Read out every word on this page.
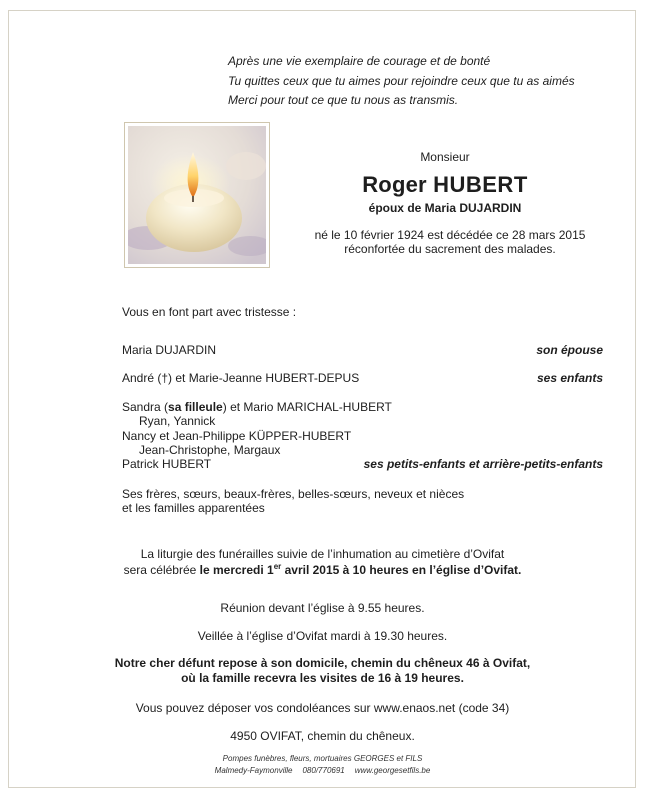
Après une vie exemplaire de courage et de bonté
Tu quittes ceux que tu aimes pour rejoindre ceux que tu as aimés
Merci pour tout ce que tu nous as transmis.
Monsieur
Roger HUBERT
époux de Maria DUJARDIN
né le 10 février 1924 est décédée ce 28 mars 2015
réconfortée du sacrement des malades.
Vous en font part avec tristesse :
Maria DUJARDIN	son épouse
André (†) et Marie-Jeanne HUBERT-DEPUS	ses enfants
Sandra (sa filleule) et Mario MARICHAL-HUBERT
Ryan, Yannick
Nancy et Jean-Philippe KÜPPER-HUBERT
Jean-Christophe, Margaux
Patrick HUBERT	ses petits-enfants et arrière-petits-enfants
Ses frères, sœurs, beaux-frères, belles-sœurs, neveux et nièces
et les familles apparentées
La liturgie des funérailles suivie de l’inhumation au cimetière d’Ovifat
sera célébrée le mercredi 1er avril 2015 à 10 heures en l’église d’Ovifat.
Réunion devant l’église à 9.55 heures.
Veillée à l’église d’Ovifat mardi à 19.30 heures.
Notre cher défunt repose à son domicile, chemin du chêneux 46 à Ovifat,
où la famille recevra les visites de 16 à 19 heures.
Vous pouvez déposer vos condoléances sur www.enaos.net (code 34)
4950 OVIFAT, chemin du chêneux.
Pompes funèbres, fleurs, mortuaires GEORGES et FILS
Malmedy-Faymonville 080/770691 www.georgesetfils.be
